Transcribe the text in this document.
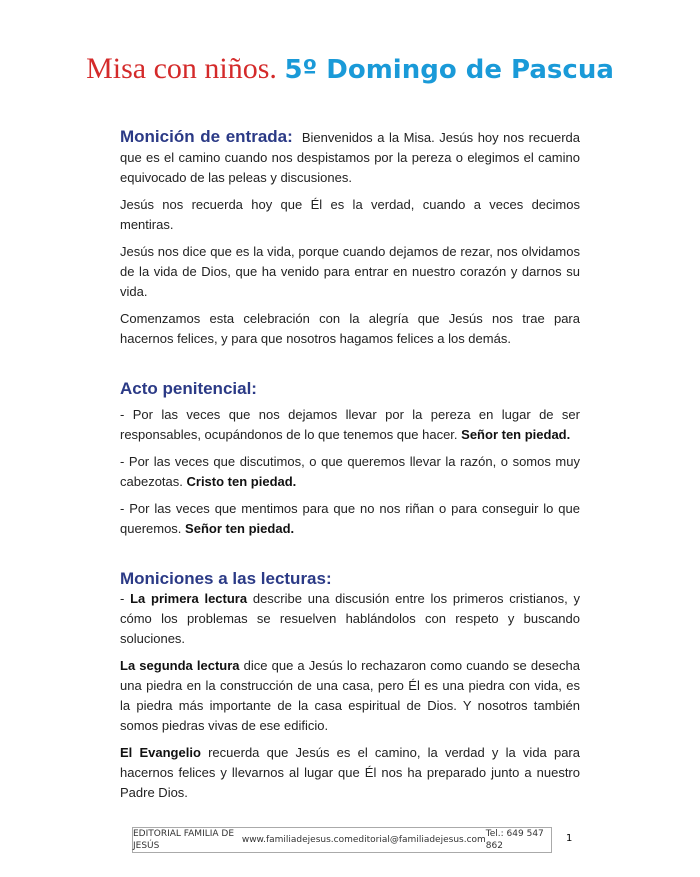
Misa con niños. 5º Domingo de Pascua

Monición de entrada: Bienvenidos a la Misa. Jesús hoy nos recuerda que es el camino cuando nos despistamos por la pereza o elegimos el camino equivocado de las peleas y discusiones.

Jesús nos recuerda hoy que Él es la verdad, cuando a veces decimos mentiras.

Jesús nos dice que es la vida, porque cuando dejamos de rezar, nos olvidamos de la vida de Dios, que ha venido para entrar en nuestro corazón y darnos su vida.

Comenzamos esta celebración con la alegría que Jesús nos trae para hacernos felices, y para que nosotros hagamos felices a los demás.

Acto penitencial:

- Por las veces que nos dejamos llevar por la pereza en lugar de ser responsables, ocupándonos de lo que tenemos que hacer. Señor ten piedad.

- Por las veces que discutimos, o que queremos llevar la razón, o somos muy cabezotas. Cristo ten piedad.

- Por las veces que mentimos para que no nos riñan o para conseguir lo que queremos. Señor ten piedad.

Moniciones a las lecturas:

- La primera lectura describe una discusión entre los primeros cristianos, y cómo los problemas se resuelven hablándolos con respeto y buscando soluciones.

La segunda lectura dice que a Jesús lo rechazaron como cuando se desecha una piedra en la construcción de una casa, pero Él es una piedra con vida, es la piedra más importante de la casa espiritual de Dios. Y nosotros también somos piedras vivas de ese edificio.

El Evangelio recuerda que Jesús es el camino, la verdad y la vida para hacernos felices y llevarnos al lugar que Él nos ha preparado junto a nuestro Padre Dios.

EDITORIAL FAMILIA DE JESÚS
www.familiadejesus.com editorial@familiadejesus.com
Tel.: 649 547 862
1
